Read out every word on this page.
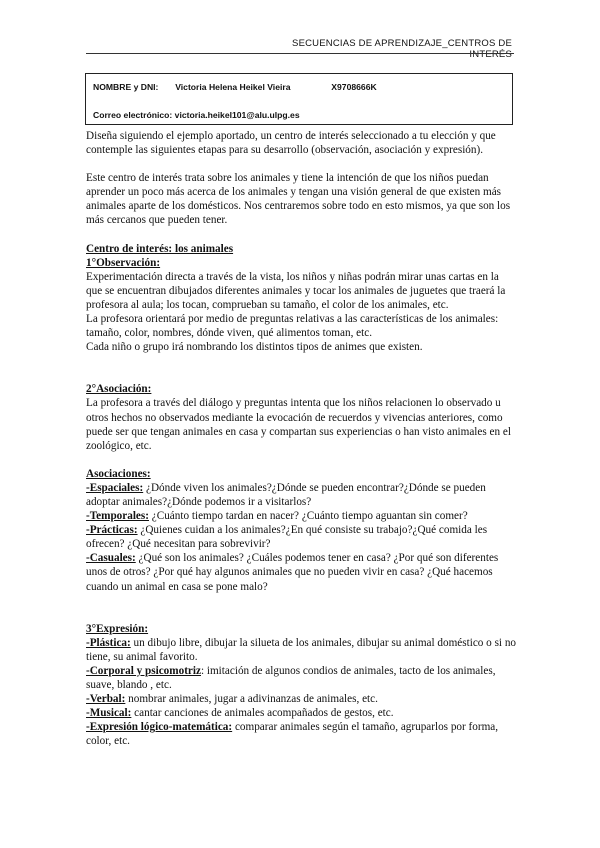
SECUENCIAS DE APRENDIZAJE_CENTROS DE INTERÉS
NOMBRE y DNI: Victoria Helena Heikel Vieira	X9708666K
Correo electrónico: victoria.heikel101@alu.ulpg.es

Diseña siguiendo el ejemplo aportado, un centro de interés seleccionado a tu elección y que contemple las siguientes etapas para su desarrollo (observación, asociación y expresión).

Este centro de interés trata sobre los animales y tiene la intención de que los niños puedan aprender un poco más acerca de los animales y tengan una visión general de que existen más animales aparte de los domésticos. Nos centraremos sobre todo en esto mismos, ya que son los más cercanos que pueden tener.

Centro de interés: los animales

1°Observación:

Experimentación directa a través de la vista, los niños y niñas podrán mirar unas cartas en la que se encuentran dibujados diferentes animales y tocar los animales de juguetes que traerá la profesora al aula; los tocan, comprueban su tamaño, el color de los animales, etc.

La profesora orientará por medio de preguntas relativas a las características de los animales: tamaño, color, nombres, dónde viven, qué alimentos toman, etc.

Cada niño o grupo irá nombrando los distintos tipos de animes que existen.

2°Asociación:

La profesora a través del diálogo y preguntas intenta que los niños relacionen lo observado u otros hechos no observados mediante la evocación de recuerdos y vivencias anteriores, como puede ser que tengan animales en casa y compartan sus experiencias o han visto animales en el zoológico, etc.

Asociaciones:

-Espaciales: ¿Dónde viven los animales?¿Dónde se pueden encontrar?¿Dónde se pueden adoptar animales?¿Dónde podemos ir a visitarlos?

-Temporales: ¿Cuánto tiempo tardan en nacer? ¿Cuánto tiempo aguantan sin comer?

-Prácticas: ¿Quienes cuidan a los animales?¿En qué consiste su trabajo?¿Qué comida les ofrecen? ¿Qué necesitan para sobrevivir?

-Casuales: ¿Qué son los animales? ¿Cuáles podemos tener en casa? ¿Por qué son diferentes unos de otros? ¿Por qué hay algunos animales que no pueden vivir en casa? ¿Qué hacemos cuando un animal en casa se pone malo?

3°Expresión:

-Plástica: un dibujo libre, dibujar la silueta de los animales, dibujar su animal doméstico o si no tiene, su animal favorito.

-Corporal y psicomotriz: imitación de algunos condios de animales, tacto de los animales, suave, blando , etc.

-Verbal: nombrar animales, jugar a adivinanzas de animales, etc.

-Musical: cantar canciones de animales acompañados de gestos, etc.

-Expresión lógico-matemática: comparar animales según el tamaño, agruparlos por forma, color, etc.
